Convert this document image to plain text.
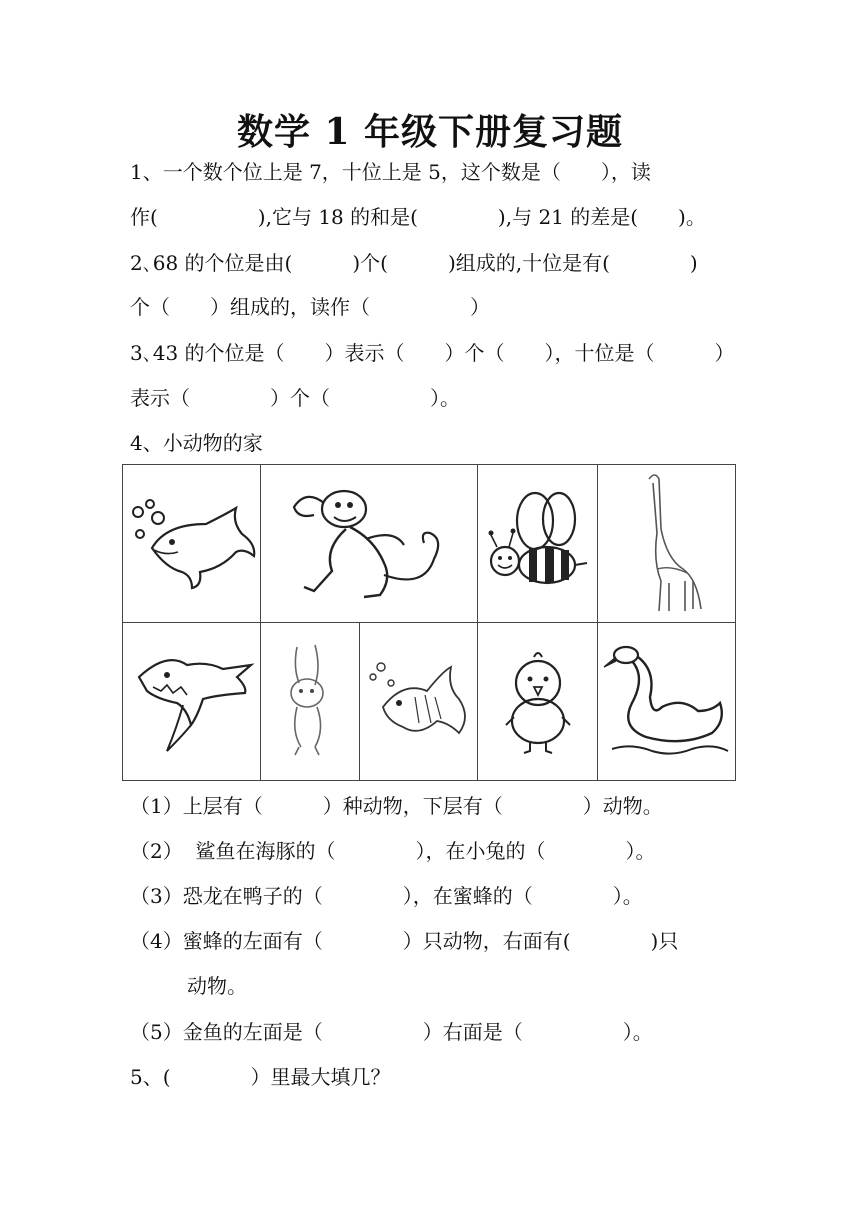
数学 1 年级下册复习题
1、一个数个位上是 7，十位上是 5，这个数是（　　），读
作(　　　　　),它与 18 的和是(　　　　),与 21 的差是(　　)。
2､68 的个位是由(　　　)个(　　　)组成的,十位是有(　　　　)
个（　　）组成的，读作（　　　　　）
3､43 的个位是（　　）表示（　　）个（　　），十位是（　　　）
表示（　　　　）个（　　　　　）。
4、小动物的家

（1）上层有（　　　）种动物，下层有（　　　　）动物。
（2）  鲨鱼在海豚的（　　　　），在小兔的（　　　　）。
（3）恐龙在鸭子的（　　　　），在蜜蜂的（　　　　）。
（4）蜜蜂的左面有（　　　　）只动物，右面有(　　　　)只
动物。
（5）金鱼的左面是（　　　　　）右面是（　　　　　）。
5、(　　　　）里最大填几？
